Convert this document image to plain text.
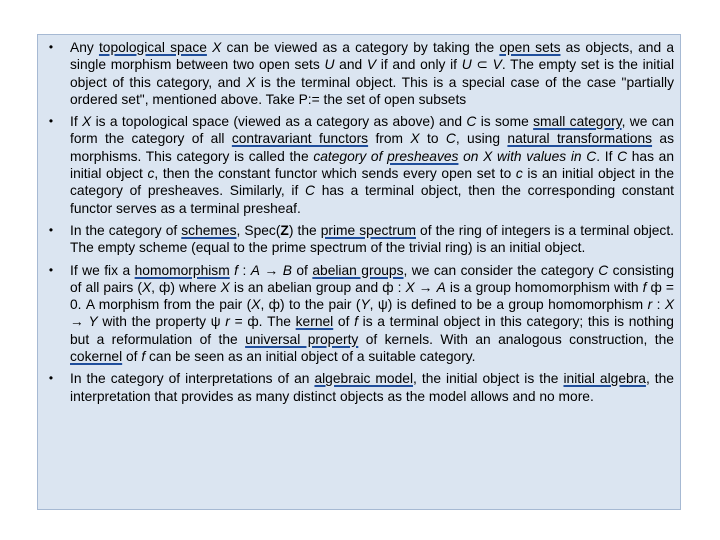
•	Any topological space X can be viewed as a category by taking the open sets as objects, and a single morphism between two open sets U and V if and only if U ⊂ V. The empty set is the initial object of this category, and X is the terminal object. This is a special case of the case "partially ordered set", mentioned above. Take P:= the set of open subsets
•	If X is a topological space (viewed as a category as above) and C is some small category, we can form the category of all contravariant functors from X to C, using natural transformations as morphisms. This category is called the category of presheaves on X with values in C. If C has an initial object c, then the constant functor which sends every open set to c is an initial object in the category of presheaves. Similarly, if C has a terminal object, then the corresponding constant functor serves as a terminal presheaf.
•	In the category of schemes, Spec(Z) the prime spectrum of the ring of integers is a terminal object. The empty scheme (equal to the prime spectrum of the trivial ring) is an initial object.
•	If we fix a homomorphism f : A → B of abelian groups, we can consider the category C consisting of all pairs (X, ф) where X is an abelian group and ф : X → A is a group homomorphism with f ф = 0. A morphism from the pair (X, ф) to the pair (Y, ψ) is defined to be a group homomorphism r : X → Y with the property ψ r = ф. The kernel of f is a terminal object in this category; this is nothing but a reformulation of the universal property of kernels. With an analogous construction, the cokernel of f can be seen as an initial object of a suitable category.
•	In the category of interpretations of an algebraic model, the initial object is the initial algebra, the interpretation that provides as many distinct objects as the model allows and no more.
